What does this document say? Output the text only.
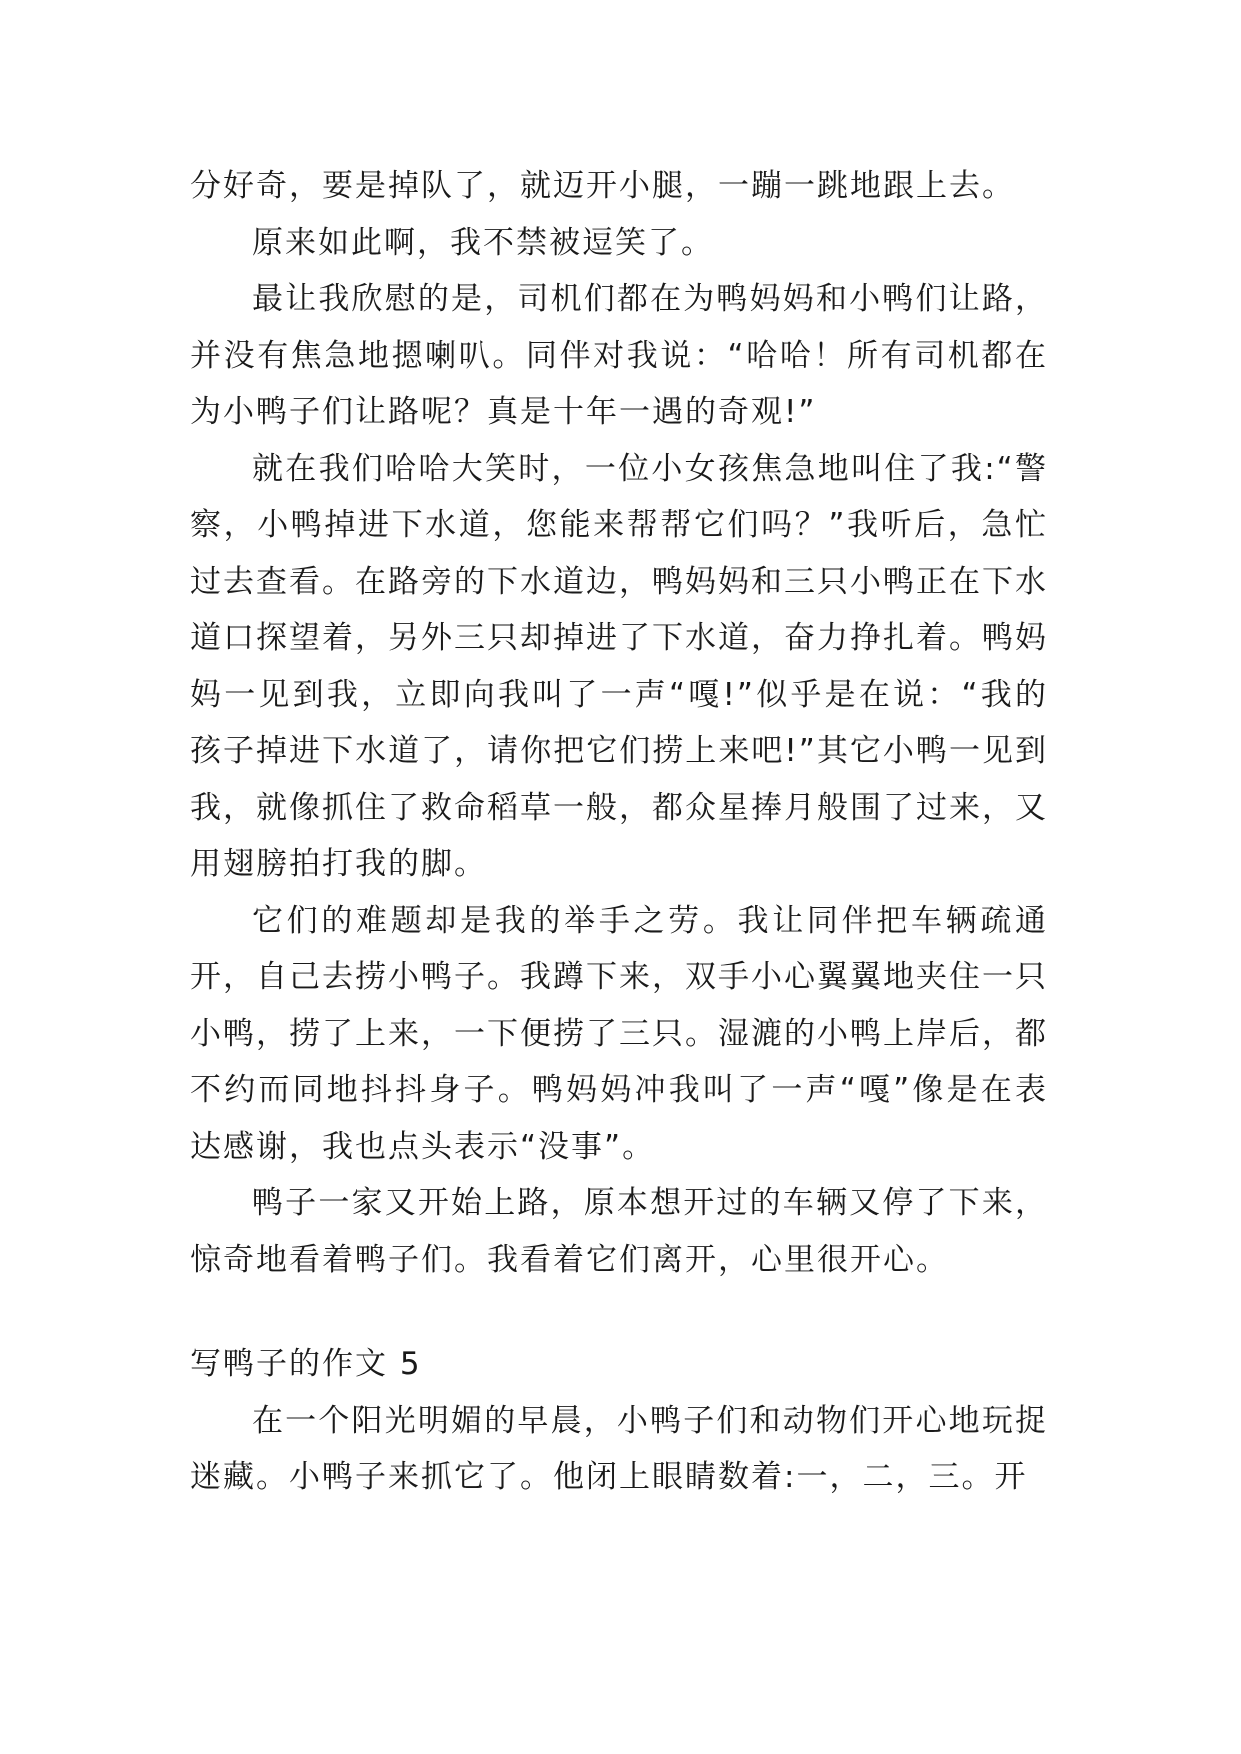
分好奇，要是掉队了，就迈开小腿，一蹦一跳地跟上去。

原来如此啊，我不禁被逗笑了。

最让我欣慰的是，司机们都在为鸭妈妈和小鸭们让路，并没有焦急地摁喇叭。同伴对我说：“哈哈！所有司机都在为小鸭子们让路呢？真是十年一遇的奇观!”

就在我们哈哈大笑时，一位小女孩焦急地叫住了我:“警察，小鸭掉进下水道，您能来帮帮它们吗？”我听后，急忙过去查看。在路旁的下水道边，鸭妈妈和三只小鸭正在下水道口探望着，另外三只却掉进了下水道，奋力挣扎着。鸭妈妈一见到我，立即向我叫了一声“嘎!”似乎是在说：“我的孩子掉进下水道了，请你把它们捞上来吧!”其它小鸭一见到我，就像抓住了救命稻草一般，都众星捧月般围了过来，又用翅膀拍打我的脚。

它们的难题却是我的举手之劳。我让同伴把车辆疏通开，自己去捞小鸭子。我蹲下来，双手小心翼翼地夹住一只小鸭，捞了上来，一下便捞了三只。湿漉的小鸭上岸后，都不约而同地抖抖身子。鸭妈妈冲我叫了一声“嘎”像是在表达感谢，我也点头表示“没事”。

鸭子一家又开始上路，原本想开过的车辆又停了下来，惊奇地看着鸭子们。我看着它们离开，心里很开心。

写鸭子的作文 5

在一个阳光明媚的早晨，小鸭子们和动物们开心地玩捉迷藏。小鸭子来抓它了。他闭上眼睛数着:一，二，三。开
